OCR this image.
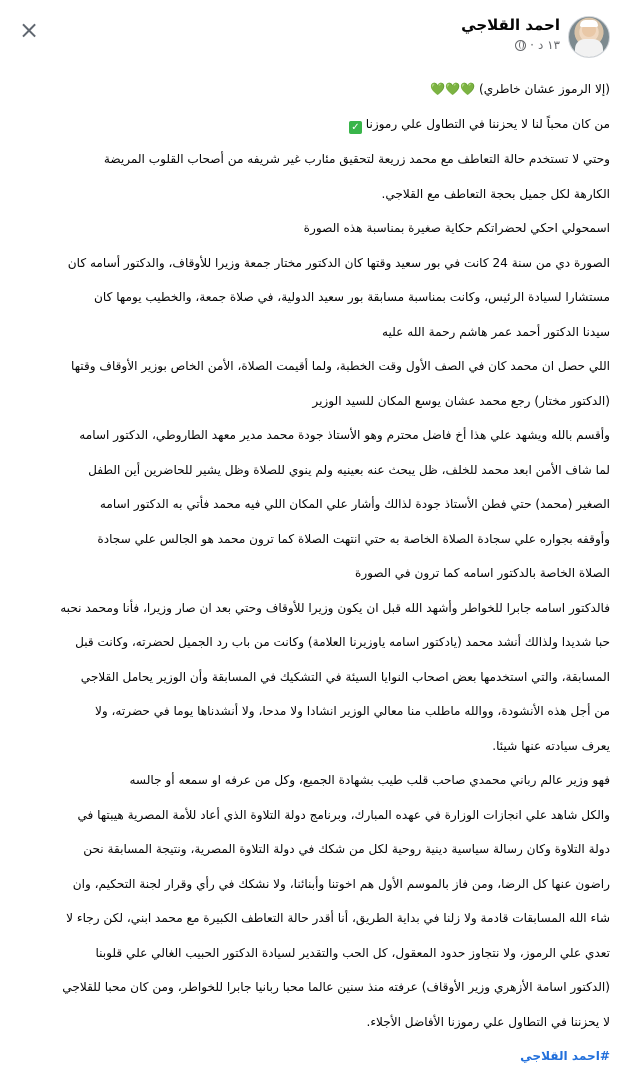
احمد القلاجي
١٣ د
·
×

(إلا الرموز عشان خاطري) 💚💚💚

من كان محباً لنا لا يحزننا في التطاول علي رموزنا ✓

وحتي لا تستخدم حالة التعاطف مع محمد زريعة لتحقيق مئارب غير شريفه من أصحاب القلوب المريضة

الكارهة لكل جميل بحجة التعاطف مع القلاجي.

اسمحولي احكي لحضراتكم حكاية صغيرة بمناسبة هذه الصورة

الصورة دي من سنة 24 كانت في بور سعيد وقتها كان الدكتور مختار جمعة وزيرا للأوقاف، والدكتور أسامه كان

مستشارا لسيادة الرئيس، وكانت بمناسبة مسابقة بور سعيد الدولية، في صلاة جمعة، والخطيب يومها كان

سيدنا الدكتور أحمد عمر هاشم رحمة الله عليه

اللي حصل ان محمد كان في الصف الأول وقت الخطبة، ولما أقيمت الصلاة، الأمن الخاص بوزير الأوقاف وقتها

(الدكتور مختار) رجع محمد عشان يوسع المكان للسيد الوزير

وأقسم بالله ويشهد علي هذا أخ فاضل محترم وهو الأستاذ جودة محمد مدير معهد الطاروطي، الدكتور اسامه

لما شاف الأمن ابعد محمد للخلف، ظل يبحث عنه بعينيه ولم ينوي للصلاة وظل يشير للحاضرين أين الطفل

الصغير (محمد) حتي فطن الأستاذ جودة لذالك وأشار علي المكان اللي فيه محمد فأتي به الدكتور اسامه

وأوقفه بجواره علي سجادة الصلاة الخاصة به حتي انتهت الصلاة كما ترون محمد هو الجالس علي سجادة

الصلاة الخاصة بالدكتور اسامه كما ترون في الصورة

فالدكتور اسامه جابرا للخواطر وأشهد الله قبل ان يكون وزيرا للأوقاف وحتي بعد ان صار وزيرا، فأنا ومحمد نحبه

حبا شديدا ولذالك أنشد محمد (يادكتور اسامه ياوزيرنا العلامة) وكانت من باب رد الجميل لحضرته، وكانت قبل

المسابقة، والتي استخدمها بعض اصحاب النوايا السيئة في التشكيك في المسابقة وأن الوزير يحامل القلاجي

من أجل هذه الأنشودة، ووالله ماطلب منا معالي الوزير انشادا ولا مدحا، ولا أنشدناها يوما في حضرته، ولا

يعرف سيادته عنها شيئا.

فهو وزير عالم رباني محمدي صاحب قلب طيب بشهادة الجميع، وكل من عرفه او سمعه أو جالسه

والكل شاهد علي انجازات الوزارة في عهده المبارك، وبرنامج دولة التلاوة الذي أعاد للأمة المصرية هيبتها في

دولة التلاوة وكان رسالة سياسية دينية روحية لكل من شكك في دولة التلاوة المصرية، ونتيجة المسابقة نحن

راضون عنها كل الرضا، ومن فاز بالموسم الأول هم اخوتنا وأبنائنا، ولا نشكك في رأي وقرار لجنة التحكيم، وان

شاء الله المسابقات قادمة ولا زلنا في بداية الطريق، أنا أقدر حالة التعاطف الكبيرة مع محمد ابني، لكن رجاء لا

تعدي علي الرموز، ولا نتجاوز حدود المعقول، كل الحب والتقدير لسيادة الدكتور الحبيب الغالي علي قلوبنا

(الدكتور اسامة الأزهري وزير الأوقاف) عرفته منذ سنين عالما محبا ربانيا جابرا للخواطر، ومن كان محبا للقلاجي

لا يحزننا في التطاول علي رموزنا الأفاضل الأجلاء.

#احمد القلاجي
